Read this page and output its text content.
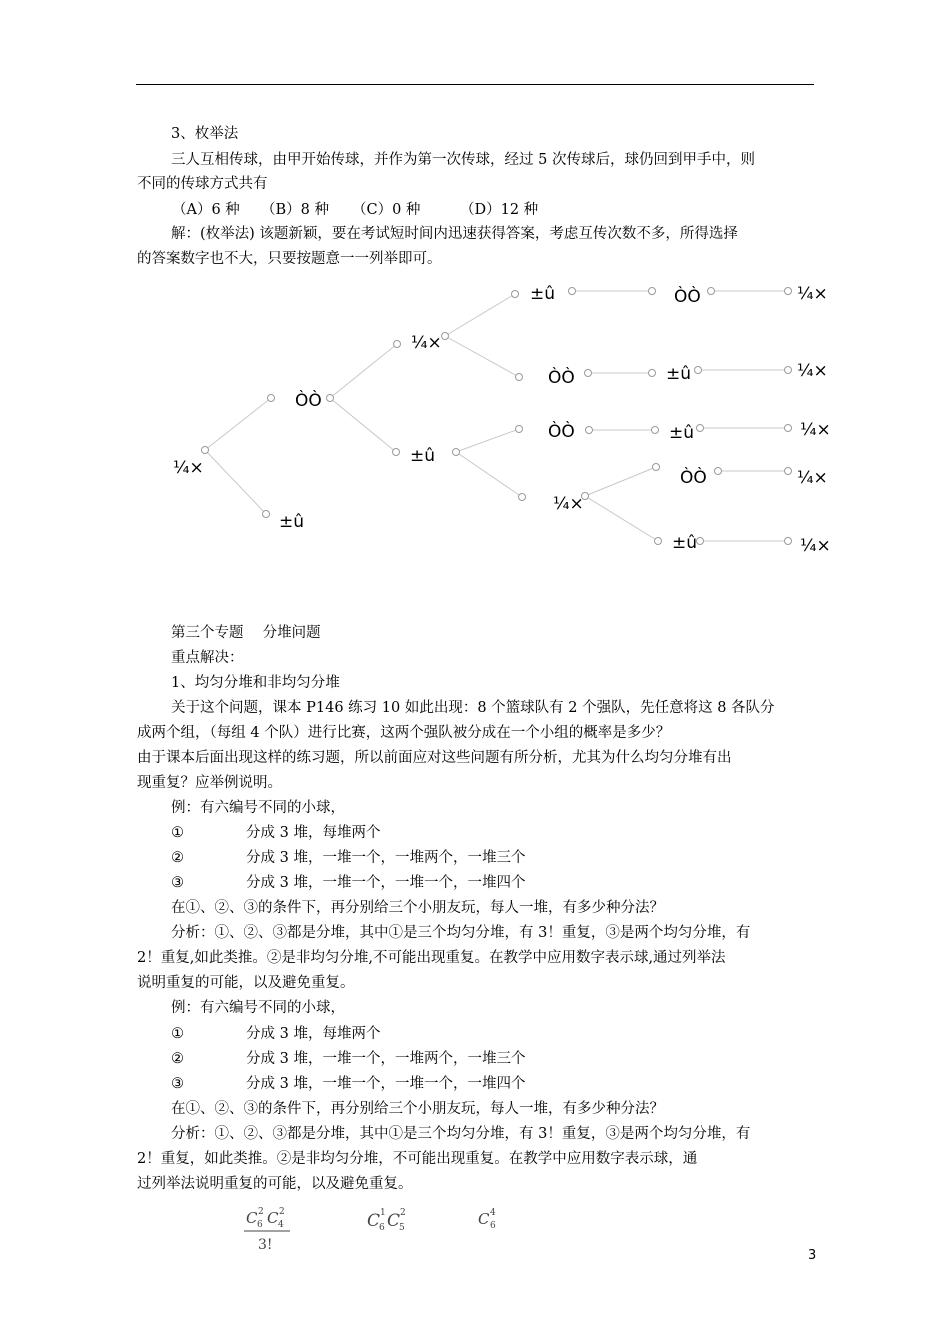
3、枚举法
三人互相传球，由甲开始传球，并作为第一次传球，经过 5 次传球后，球仍回到甲手中，则
不同的传球方式共有
（A）6 种 （B）8 种 （C）0 种	（D）12 种
解：(枚举法) 该题新颖，要在考试短时间内迅速获得答案，考虑互传次数不多，所得选择
的答案数字也不大，只要按题意一一列举即可。
¼×
ÒÒ
±û
¼×
±û
±û
ÒÒ
ÒÒ
¼×
ÒÒ
±û
±û
ÒÒ
±û
¼×
¼×
¼×
¼×
¼×
第三个专题　 分堆问题
重点解决：
1、均匀分堆和非均匀分堆
关于这个问题，课本 P146 练习 10 如此出现：8 个篮球队有 2 个强队，先任意将这 8 各队分
成两个组，（每组 4 个队）进行比赛，这两个强队被分成在一个小组的概率是多少？
由于课本后面出现这样的练习题，所以前面应对这些问题有所分析，尤其为什么均匀分堆有出
现重复？应举例说明。
例：有六编号不同的小球，
①	分成 3 堆，每堆两个
②	分成 3 堆，一堆一个，一堆两个，一堆三个
③	分成 3 堆，一堆一个，一堆一个，一堆四个
在①、②、③的条件下，再分别给三个小朋友玩，每人一堆，有多少种分法？
分析：①、②、③都是分堆，其中①是三个均匀分堆，有 3！重复，③是两个均匀分堆，有
2！重复,如此类推。②是非均匀分堆,不可能出现重复。在教学中应用数字表示球,通过列举法
说明重复的可能，以及避免重复。
例：有六编号不同的小球，
①	分成 3 堆，每堆两个
②	分成 3 堆，一堆一个，一堆两个，一堆三个
③	分成 3 堆，一堆一个，一堆一个，一堆四个
在①、②、③的条件下，再分别给三个小朋友玩，每人一堆，有多少种分法？
分析：①、②、③都是分堆，其中①是三个均匀分堆，有 3！重复，③是两个均匀分堆，有
2！重复，如此类推。②是非均匀分堆，不可能出现重复。在教学中应用数字表示球，通
过列举法说明重复的可能，以及避免重复。
C 2
6 C 2
4
3!
C 1
6 C 2
5	C 4
6
3
